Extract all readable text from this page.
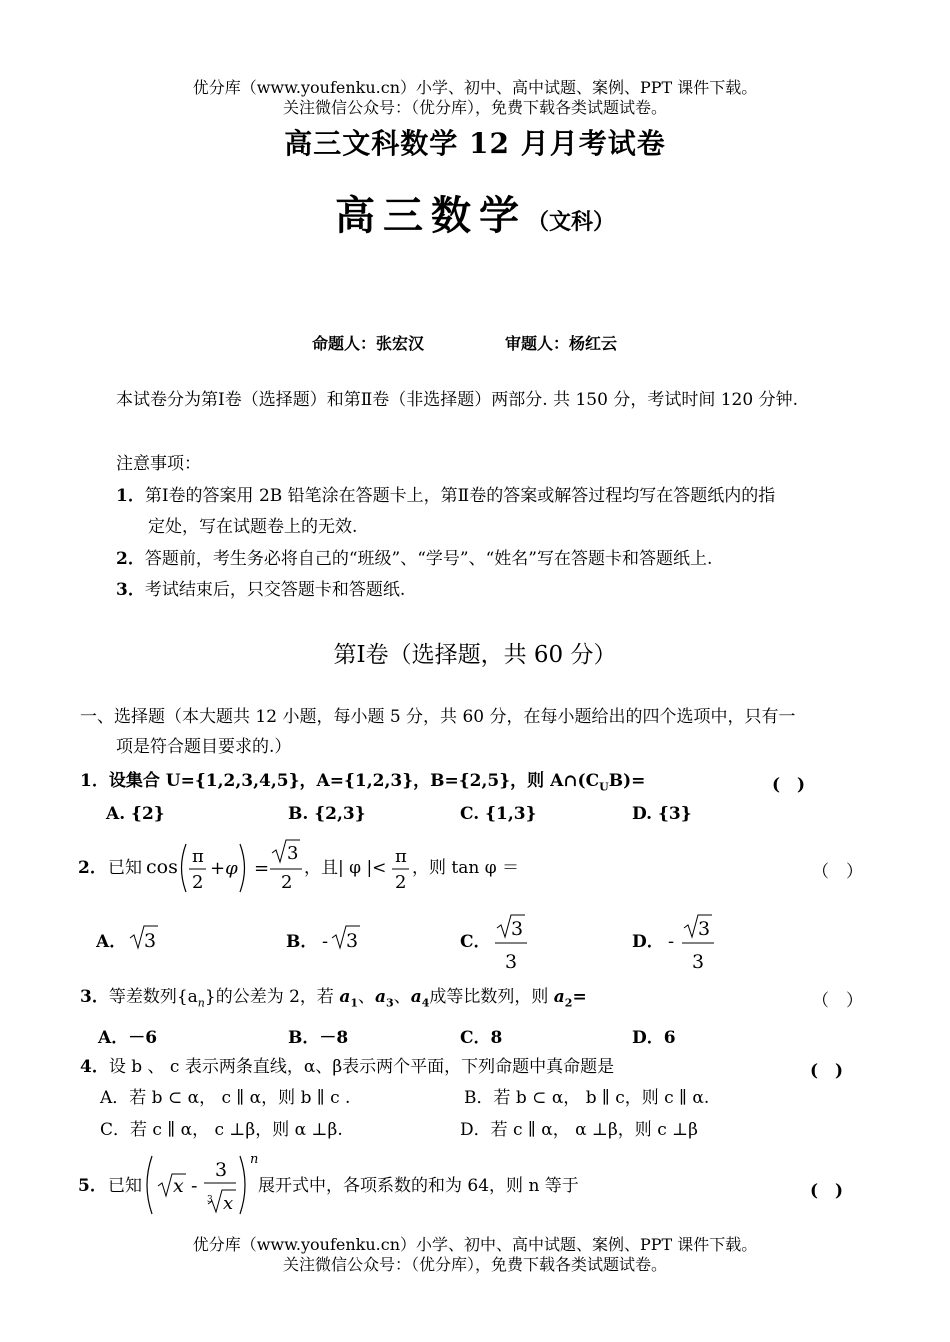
优分库（www.youfenku.cn）小学、初中、高中试题、案例、PPT 课件下载。
关注微信公众号：（优分库），免费下载各类试题试卷。
高三文科数学 12 月月考试卷
高三数学（文科）
命题人：张宏汉	审题人：杨红云
本试卷分为第Ⅰ卷（选择题）和第Ⅱ卷（非选择题）两部分. 共 150 分，考试时间 120 分钟.
注意事项：
1．第Ⅰ卷的答案用 2B 铅笔涂在答题卡上，第Ⅱ卷的答案或解答过程均写在答题纸内的指
定处，写在试题卷上的无效.
2．答题前，考生务必将自己的“班级”、“学号”、“姓名”写在答题卡和答题纸上.
3．考试结束后，只交答题卡和答题纸.
第Ⅰ卷（选择题，共 60 分）
一、选择题（本大题共 12 小题，每小题 5 分，共 60 分，在每小题给出的四个选项中，只有一
项是符合题目要求的.）
1．设集合 U={1,2,3,4,5}，A={1,2,3}，B={2,5}，则 $A\cap(C_UB)=$	(　)
A. {2}	B. {2,3}	C. {1,3}	D. {3}
2． 已知 cos π
2
+φ =
3
2
，且| φ |<
π
2
，则 tan φ ＝	（　）
A． 3	B． - 3	C．
3
3
D． -
3
3
3．等差数列$\{a_n\}$的公差为 2，若 $a_1$、$a_3$、$a_4$成等比数列，则 $a_2=$	（　）
A．－6	B．－8	C．8	D．6
4．设 b 、 c 表示两条直线，α、β表示两个平面，下列命题中真命题是	(　)
A．若 b ⊂ α， c ∥ α，则 b ∥ c .	B．若 b ⊂ α， b ∥ c，则 c ∥ α.
C．若 c ∥ α， c ⊥β，则 α ⊥β.	D．若 c ∥ α， α ⊥β，则 c ⊥β
5． 已知 x -
3
3 x
n
展开式中，各项系数的和为 64，则 n 等于	(　)
优分库（www.youfenku.cn）小学、初中、高中试题、案例、PPT 课件下载。
关注微信公众号：（优分库），免费下载各类试题试卷。
